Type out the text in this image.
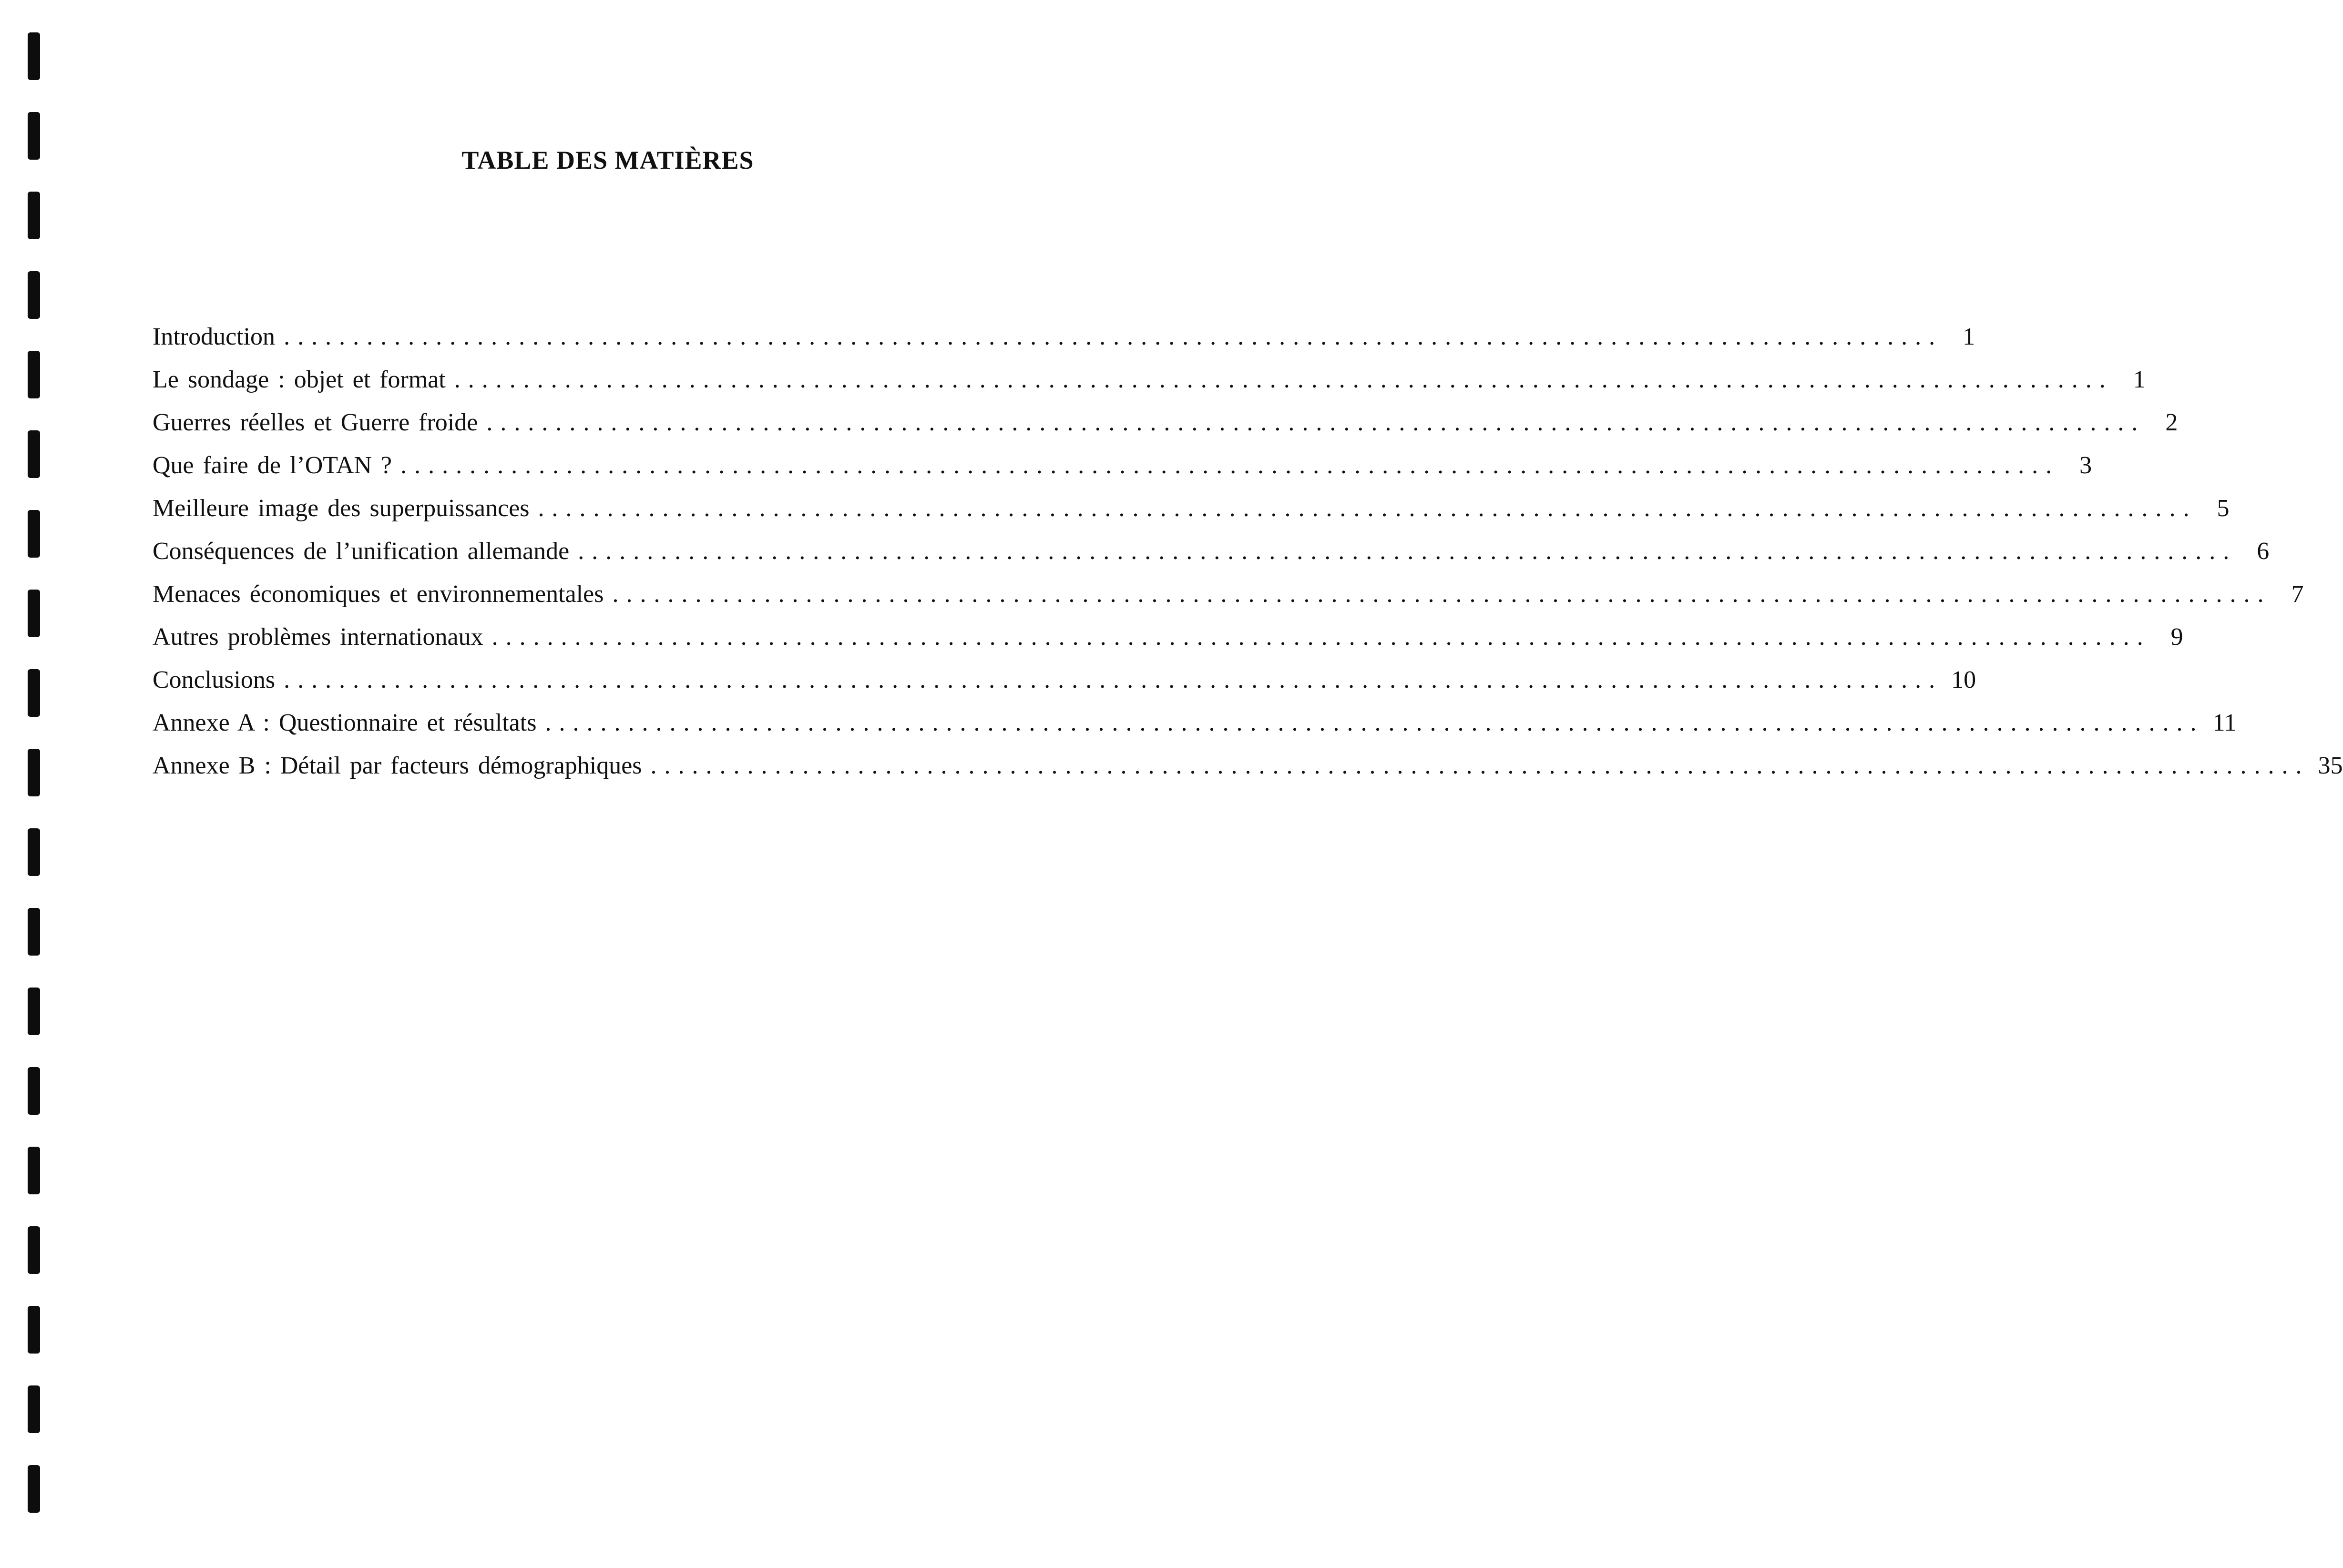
TABLE DES MATIÈRES
Introduction ........................................................................................................................ 1
Le sondage : objet et format ........................................................................................................................ 1
Guerres réelles et Guerre froide ........................................................................................................................ 2
Que faire de l’OTAN ? ........................................................................................................................ 3
Meilleure image des superpuissances ........................................................................................................................ 5
Conséquences de l’unification allemande ........................................................................................................................ 6
Menaces économiques et environnementales ........................................................................................................................ 7
Autres problèmes internationaux ........................................................................................................................ 9
Conclusions ........................................................................................................................ 10
Annexe A : Questionnaire et résultats ........................................................................................................................ 11
Annexe B : Détail par facteurs démographiques ........................................................................................................................ 35
